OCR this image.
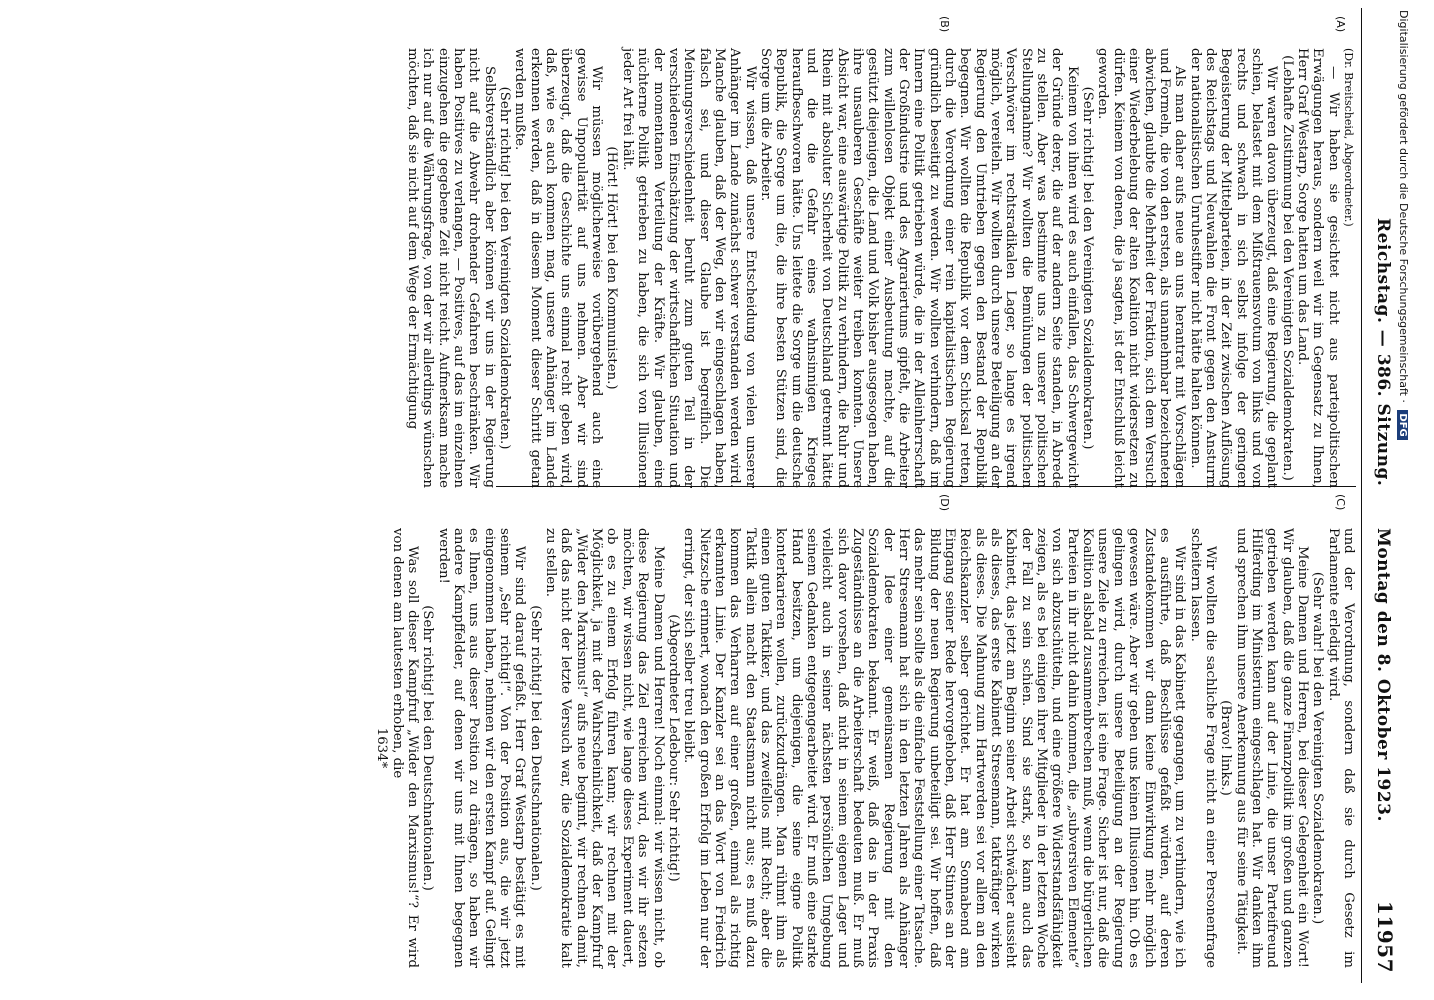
Reichstag. — 386. Sitzung.
Montag den 8. Oktober 1923.
11957
(A)
(B)
(C)
(D)

(Dr. Breitscheid, Abgeordneter.)

— Wir haben sie gesichtet nicht aus parteipolitischen Erwägungen heraus, sondern weil wir im Gegensatz zu Ihnen, Herr Graf Westarp, Sorge hatten um das Land.

(Lebhafte Zustimmung bei den Vereinigten Sozialdemokraten.)

Wir waren davon überzeugt, daß eine Regierung, die geplant schien, belastet mit dem Mißtrauensvotum von links und von rechts und schwach in sich selbst infolge der geringen Begeisterung der Mittelparteien, in der Zeit zwischen Auflösung des Reichstags und Neuwahlen die Front gegen den Ansturm der nationalistischen Unruhestifter nicht hätte halten können.

Als man daher aufs neue an uns herantrat mit Vorschlägen und Formeln, die von den ersten, als unannehmbar bezeichneten abwichen, glaubte die Mehrheit der Fraktion, sich dem Versuch einer Wiederbelebung der alten Koalition nicht widersetzen zu dürfen. Keinem von denen, die ja sagten, ist der Entschluß leicht geworden.

(Sehr richtig! bei den Vereinigten Sozialdemokraten.)

Keinem von ihnen wird es auch einfallen, das Schwergewicht der Gründe derer, die auf der andern Seite standen, in Abrede zu stellen. Aber was bestimmte uns zu unserer politischen Stellungnahme? Wir wollten die Bemühungen der politischen Verschwörer im rechtsradikalen Lager, so lange es irgend möglich, vereiteln. Wir wollten durch unsere Beteiligung an der Regierung den Umtrieben gegen den Bestand der Republik begegnen. Wir wollten die Republik vor dem Schicksal retten, durch die Verordnung einer rein kapitalistischen Regierung gründlich beseitigt zu werden. Wir wollten verhindern, daß im Innern eine Politik getrieben würde, die in der Alleinherrschaft der Großindustrie und des Agrariertums gipfelt, die Arbeiter zum willenlosen Objekt einer Ausbeutung machte, auf die gestützt diejenigen, die Land und Volk bisher ausgesogen haben, ihre unsauberen Geschäfte weiter treiben konnten. Unsere Absicht war, eine auswärtige Politik zu verhindern, die Ruhr und Rhein mit absoluter Sicherheit von Deutschland getrennt hätte und die die Gefahr eines wahnsinnigen Krieges heraufbeschworen hätte. Uns leitete die Sorge um die deutsche Republik, die Sorge um die, die ihre besten Stützen sind, die Sorge um die Arbeiter.

Wir wissen, daß unsere Entscheidung von vielen unserer Anhänger im Lande zunächst schwer verstanden werden wird. Manche glauben, daß der Weg, den wir eingeschlagen haben, falsch sei, und dieser Glaube ist begreiflich. Die Meinungsverschiedenheit beruht zum guten Teil in der verschiedenen Einschätzung der wirtschaftlichen Situation und der momentanen Verteilung der Kräfte. Wir glauben, eine nüchterne Politik getrieben zu haben, die sich von Illusionen jeder Art frei hält.

(Hört! Hört! bei den Kommunisten.)

Wir müssen möglicherweise vorübergehend auch eine gewisse Unpopularität auf uns nehmen. Aber wir sind überzeugt, daß die Geschichte uns einmal recht geben wird, daß, wie es auch kommen mag, unsere Anhänger im Lande erkennen werden, daß in diesem Moment dieser Schritt getan werden mußte.

(Sehr richtig! bei den Vereinigten Sozialdemokraten.)

Selbstverständlich aber können wir uns in der Regierung nicht auf die Abwehr drohender Gefahren beschränken. Wir haben Positives zu verlangen, — Positives, auf das im einzelnen einzugehen die gegebene Zeit nicht reicht. Aufmerksam mache ich nur auf die Währungsfrage, von der wir allerdings wünschen möchten, daß sie nicht auf dem Wege der Ermächtigung

und der Verordnung, sondern daß sie durch Gesetz im Parlamente erledigt wird.

(Sehr wahr! bei den Vereinigten Sozialdemokraten.)

Meine Damen und Herren, bei dieser Gelegenheit ein Wort! Wir glauben, daß die ganze Finanzpolitik im großen und ganzen getrieben werden kann auf der Linie, die unser Parteifreund Hilferding im Ministerium eingeschlagen hat. Wir danken ihm und sprechen ihm unsere Anerkennung aus für seine Tätigkeit.

(Bravo! links.)

Wir wollten die sachliche Frage nicht an einer Personenfrage scheitern lassen.

Wir sind in das Kabinett gegangen, um zu verhindern, wie ich es ausführte, daß Beschlüsse gefaßt würden, auf deren Zustandekommen wir dann keine Einwirkung mehr möglich gewesen wäre. Aber wir geben uns keinen Illusionen hin. Ob es gelingen wird, durch unsere Beteiligung an der Regierung unsere Ziele zu erreichen, ist eine Frage. Sicher ist nur, daß die Koalition alsbald zusammenbrechen muß, wenn die bürgerlichen Parteien in ihr nicht dahin kommen, die „subversiven Elemente“ von sich abzuschütteln, und eine größere Widerstandsfähigkeit zeigen, als es bei einigen ihrer Mitglieder in der letzten Woche der Fall zu sein schien. Sind sie stark, so kann auch das Kabinett, das jetzt am Beginn seiner Arbeit schwächer aussieht als dieses, das erste Kabinett Stresemann, tatkräftiger wirken als dieses. Die Mahnung zum Hartwerden sei vor allem an den Reichskanzler selber gerichtet. Er hat am Sonnabend am Eingang seiner Rede hervorgehoben, daß Herr Stinnes an der Bildung der neuen Regierung unbeteiligt sei. Wir hoffen, daß das mehr sein sollte als die einfache Feststellung einer Tatsache. Herr Stresemann hat sich in den letzten Jahren als Anhänger der Idee einer gemeinsamen Regierung mit den Sozialdemokraten bekannt. Er weiß, daß das in der Praxis Zugeständnisse an die Arbeiterschaft bedeuten muß. Er muß sich davor vorsehen, daß nicht in seinem eigenen Lager und vielleicht auch in seiner nächsten persönlichen Umgebung seinem Gedanken entgegengearbeitet wird. Er muß eine starke Hand besitzen, um diejenigen, die seine eigne Politik konterkarieren wollen, zurückzudrängen. Man rühmt ihm als einen guten Taktiker, und das zweifellos mit Recht; aber die Taktik allein macht den Staatsmann nicht aus; es muß dazu kommen das Verharren auf einer großen, einmal als richtig erkannten Linie. Der Kanzler sei an das Wort von Friedrich Nietzsche erinnert, wonach den großen Erfolg im Leben nur der erringt, der sich selber treu bleibt.

(Abgeordneter Ledebour: Sehr richtig!)

Meine Damen und Herren! Noch einmal: wir wissen nicht, ob diese Regierung das Ziel erreichen wird, das wir ihr setzen möchten, wir wissen nicht, wie lange dieses Experiment dauert, ob es zu einem Erfolg führen kann; wir rechnen mit der Möglichkeit, ja mit der Wahrscheinlichkeit, daß der Kampfruf „Wider den Marxismus!“ aufs neue beginnt, wir rechnen damit, daß das nicht der letzte Versuch war, die Sozialdemokratie kalt zu stellen.

(Sehr richtig! bei den Deutschnationalen.)

Wir sind darauf gefaßt. Herr Graf Westarp bestätigt es mit seinem „Sehr richtig!“. Von der Position aus, die wir jetzt eingenommen haben, nehmen wir den ersten Kampf auf. Gelingt es Ihnen, uns aus dieser Position zu drängen, so haben wir andere Kampffelder, auf denen wir uns mit Ihnen begegnen werden!

(Sehr richtig! bei den Deutschnationalen.)

Was soll dieser Kampfruf „Wider den Marxismus!“? Er wird von denen am lautesten erhoben, die

1634*

Digitalisierung gefördert durch die Deutsche Forschungsgemeinschaft · DFG
